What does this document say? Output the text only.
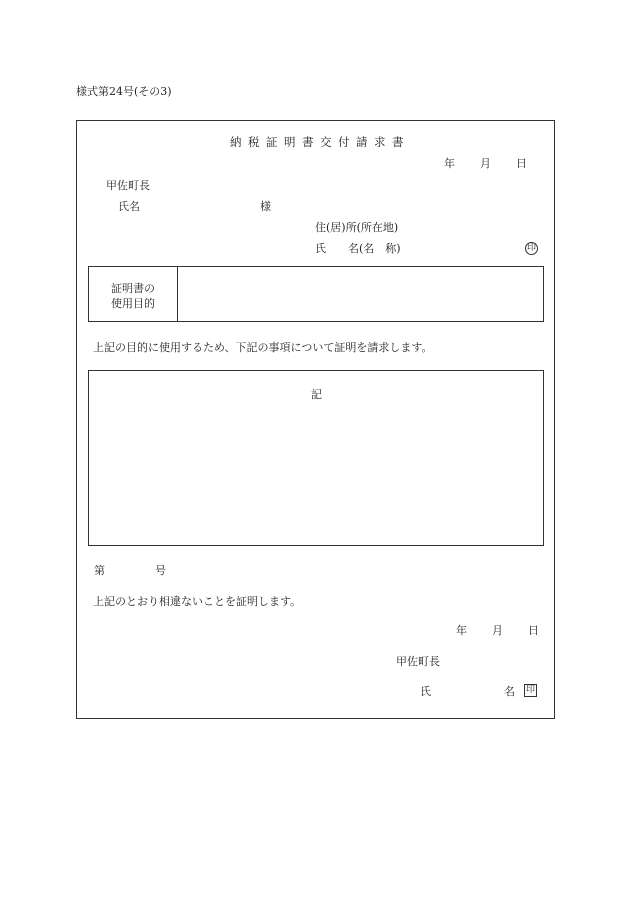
様式第24号(その3)
納税証明書交付請求書
年 月 日
甲佐町長
氏名	様
住(居)所(所在地)
氏　　名(名　称)	印
証明書の
使用目的
上記の目的に使用するため、下記の事項について証明を請求します。
記
第	号
上記のとおり相違ないことを証明します。
年 月 日
甲佐町長
氏	名 印
